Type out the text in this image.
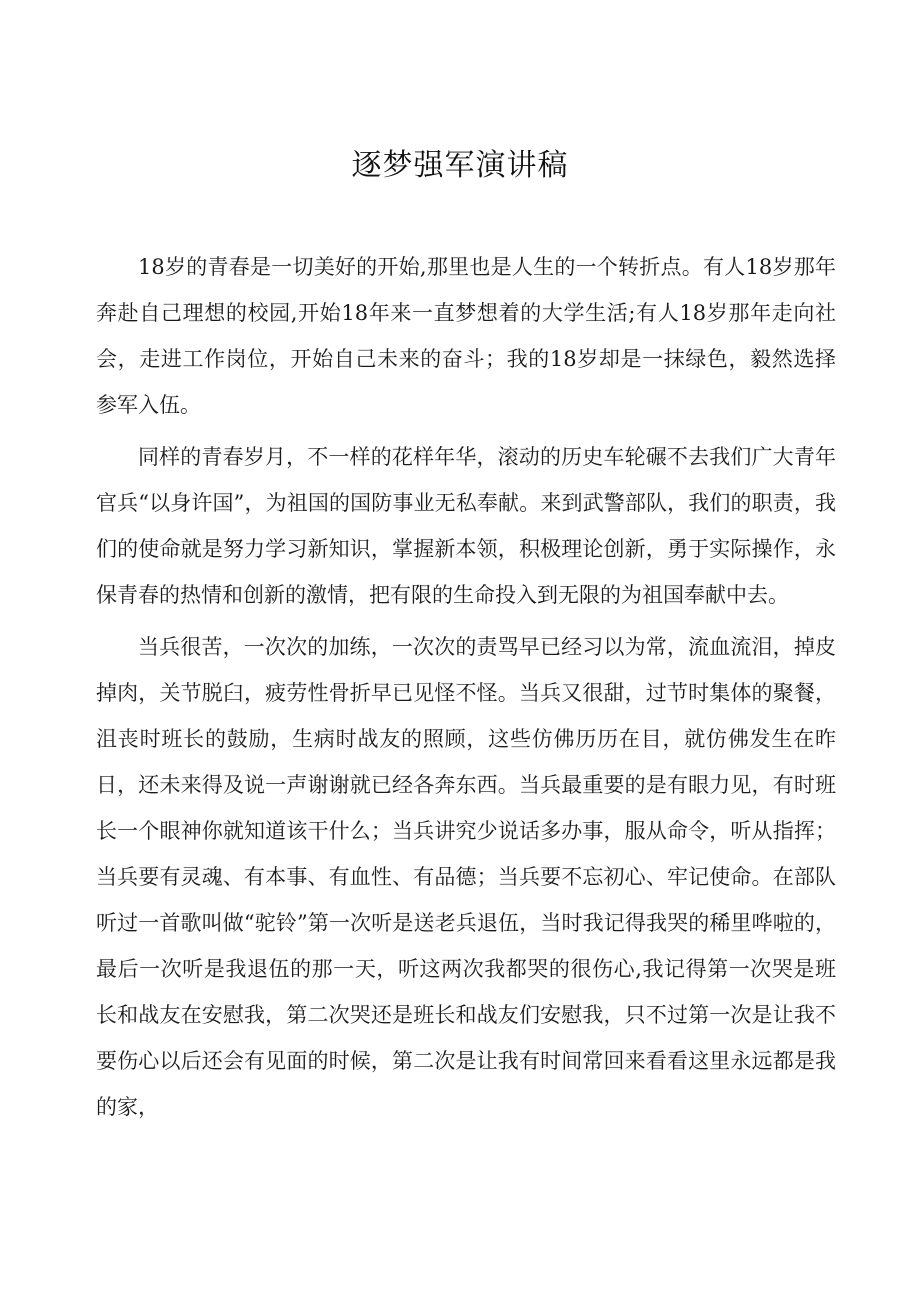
逐梦强军演讲稿

18岁的青春是一切美好的开始,那里也是人生的一个转折点。有人18岁那年奔赴自己理想的校园,开始18年来一直梦想着的大学生活;有人18岁那年走向社会，走进工作岗位，开始自己未来的奋斗；我的18岁却是一抹绿色，毅然选择参军入伍。

同样的青春岁月，不一样的花样年华，滚动的历史车轮碾不去我们广大青年官兵“以身许国”，为祖国的国防事业无私奉献。来到武警部队，我们的职责，我们的使命就是努力学习新知识，掌握新本领，积极理论创新，勇于实际操作，永保青春的热情和创新的激情，把有限的生命投入到无限的为祖国奉献中去。

当兵很苦，一次次的加练，一次次的责骂早已经习以为常，流血流泪，掉皮掉肉，关节脱臼，疲劳性骨折早已见怪不怪。当兵又很甜，过节时集体的聚餐，沮丧时班长的鼓励，生病时战友的照顾，这些仿佛历历在目，就仿佛发生在昨日，还未来得及说一声谢谢就已经各奔东西。当兵最重要的是有眼力见，有时班长一个眼神你就知道该干什么；当兵讲究少说话多办事，服从命令，听从指挥；当兵要有灵魂、有本事、有血性、有品德；当兵要不忘初心、牢记使命。在部队听过一首歌叫做“驼铃”第一次听是送老兵退伍，当时我记得我哭的稀里哗啦的，最后一次听是我退伍的那一天，听这两次我都哭的很伤心,我记得第一次哭是班长和战友在安慰我，第二次哭还是班长和战友们安慰我，只不过第一次是让我不要伤心以后还会有见面的时候，第二次是让我有时间常回来看看这里永远都是我的家，
